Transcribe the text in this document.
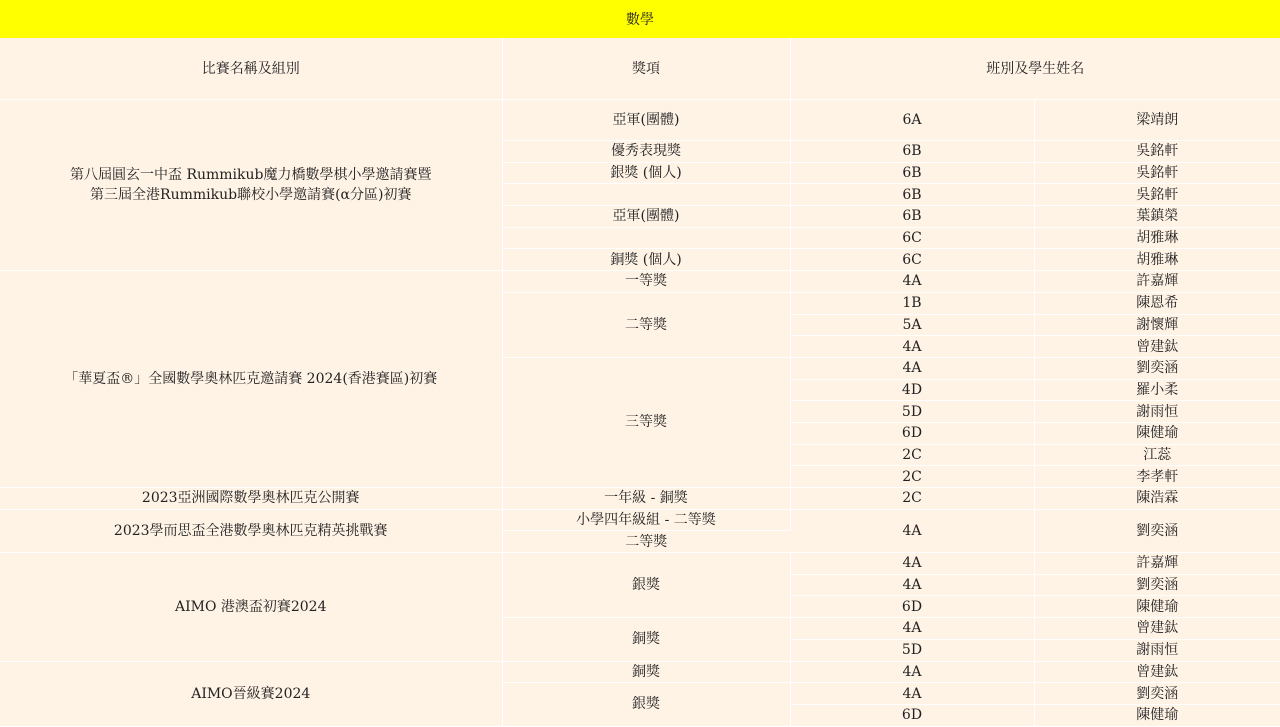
數學
比賽名稱及組別	獎項	班別及學生姓名	
第八屆圓玄一中盃 Rummikub魔力橋數學棋小學邀請賽暨
第三屆全港Rummikub聯校小學邀請賽(α分區)初賽	亞軍(團體)	6A	梁靖朗
	優秀表現獎	6B	吳銘軒
	銀獎 (個人)	6B	吳銘軒
		6B	吳銘軒
	亞軍(團體)	6B	葉鎮榮
		6C	胡雅琳
	銅獎 (個人)	6C	胡雅琳
「華夏盃®」全國數學奧林匹克邀請賽 2024(香港賽區)初賽	一等獎	4A	許嘉輝
	二等獎	1B	陳恩希
		5A	謝懷輝
		4A	曾建鈦
	三等獎	4A	劉奕涵
		4D	羅小柔
		5D	謝雨恒
		6D	陳健瑜
		2C	江蕊
		2C	李孝軒
2023亞洲國際數學奧林匹克公開賽	一年級 - 銅獎	2C	陳浩霖
2023學而思盃全港數學奧林匹克精英挑戰賽	小學四年級組 - 二等獎	4A	劉奕涵
	二等獎		
AIMO 港澳盃初賽2024	銀獎	4A	許嘉輝
		4A	劉奕涵
		6D	陳健瑜
	銅獎	4A	曾建鈦
		5D	謝雨恒
AIMO晉級賽2024	銅獎	4A	曾建鈦
	銀獎	4A	劉奕涵
		6D	陳健瑜
